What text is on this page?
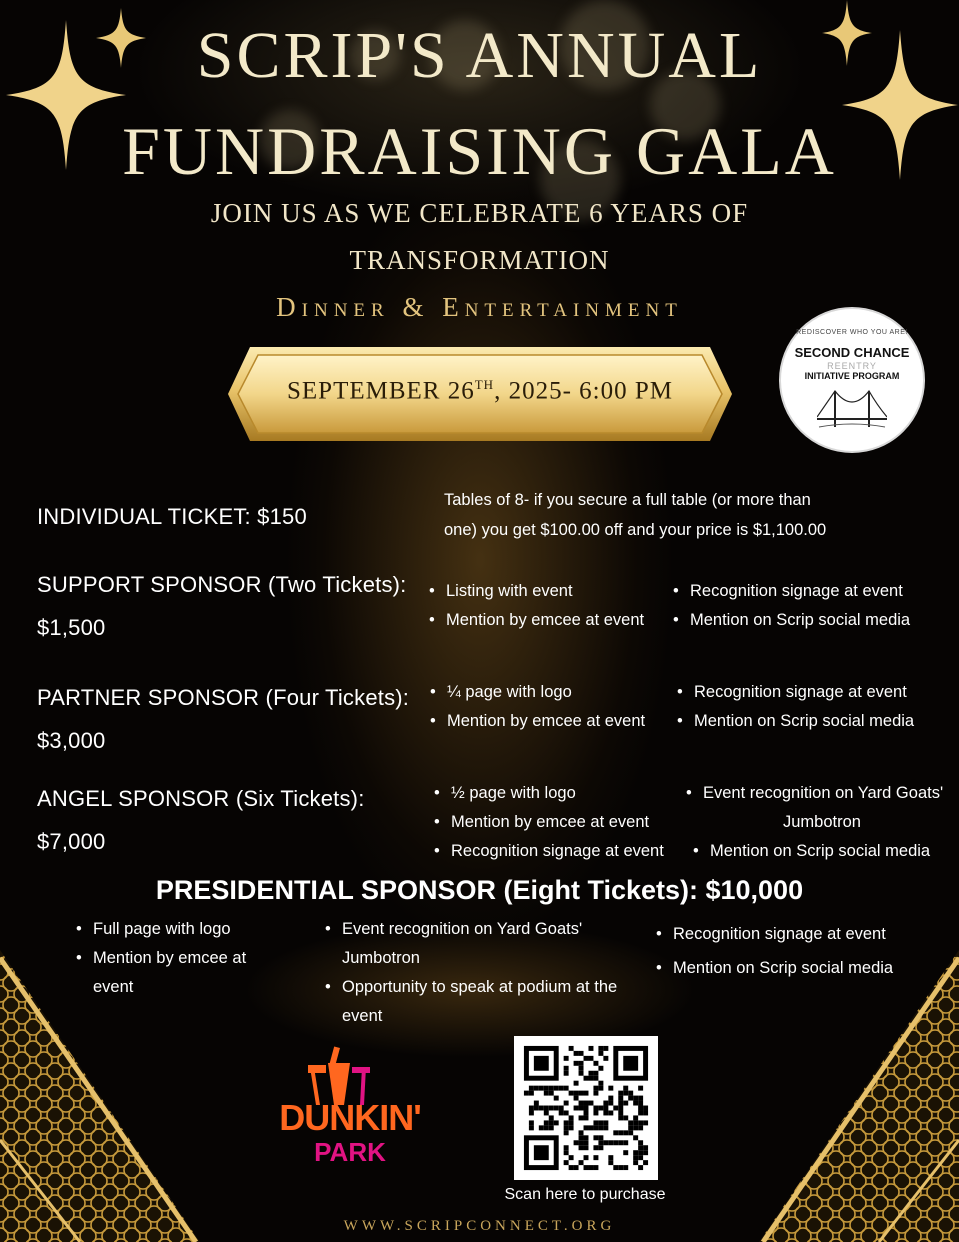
SCRIP'S ANNUAL
FUNDRAISING GALA
JOIN US AS WE CELEBRATE 6 YEARS OF
TRANSFORMATION
Dinner & Entertainment
SEPTEMBER 26TH, 2025- 6:00 PM
REDISCOVER WHO YOU ARE!
SECOND CHANCE
REENTRY
INITIATIVE PROGRAM
INDIVIDUAL TICKET: $150
Tables of 8- if you secure a full table (or more than
one) you get $100.00 off and your price is $1,100.00
SUPPORT SPONSOR (Two Tickets):
$1,500
• Listing with event
• Mention by emcee at event
• Recognition signage at event
• Mention on Scrip social media
PARTNER SPONSOR (Four Tickets):
$3,000
• ¼ page with logo
• Mention by emcee at event
• Recognition signage at event
• Mention on Scrip social media
ANGEL SPONSOR (Six Tickets):
$7,000
• ½ page with logo
• Mention by emcee at event
• Recognition signage at event
• Event recognition on Yard Goats'
Jumbotron
• Mention on Scrip social media
PRESIDENTIAL SPONSOR (Eight Tickets): $10,000
• Full page with logo
• Mention by emcee at
event
• Event recognition on Yard Goats'
Jumbotron
• Opportunity to speak at podium at the
event
• Recognition signage at event
• Mention on Scrip social media
DUNKIN'
PARK
Scan here to purchase
WWW.SCRIPCONNECT.ORG
